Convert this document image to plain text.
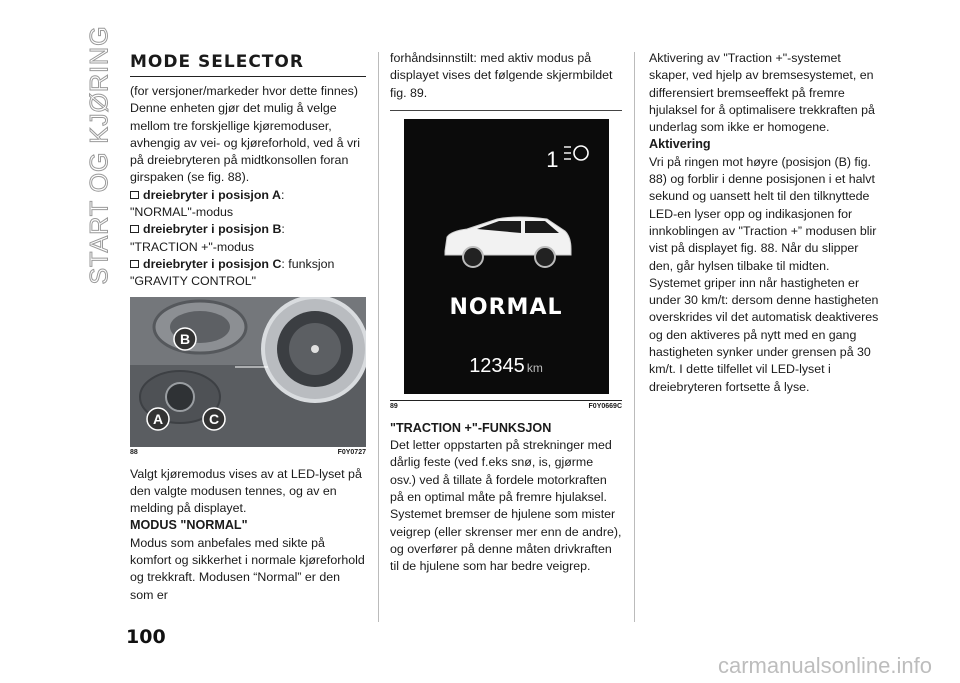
START OG KJØRING MODE SELECTOR

(for versjoner/markeder hvor dette finnes)

Denne enheten gjør det mulig å velge mellom tre forskjellige kjøremoduser, avhengig av vei- og kjøreforhold, ved å vri på dreiebryteren på midtkonsollen foran girspaken (se fig. 88).

dreiebryter i posisjon A:
"NORMAL"-modus
dreiebryter i posisjon B:
"TRACTION +"-modus
dreiebryter i posisjon C: funksjon
"GRAVITY CONTROL"
B
A	C
88	F0Y0727

Valgt kjøremodus vises av at LED-lyset på den valgte modusen tennes, og av en melding på displayet.

MODUS "NORMAL"

Modus som anbefales med sikte på komfort og sikkerhet i normale kjøreforhold og trekkraft. Modusen “Normal” er den som er

forhåndsinnstilt: med aktiv modus på displayet vises det følgende skjermbildet fig. 89.

1
NORMAL
12345 km
89	F0Y0669C
"TRACTION +"-FUNKSJON

Det letter oppstarten på strekninger med dårlig feste (ved f.eks snø, is, gjørme osv.) ved å tillate å fordele motorkraften på en optimal måte på fremre hjulaksel.

Systemet bremser de hjulene som mister veigrep (eller skrenser mer enn de andre), og overfører på denne måten drivkraften til de hjulene som har bedre veigrep.

Aktivering av "Traction +"-systemet skaper, ved hjelp av bremsesystemet, en differensiert bremseeffekt på fremre hjulaksel for å optimalisere trekkraften på underlag som ikke er homogene.

Aktivering

Vri på ringen mot høyre (posisjon (B) fig. 88) og forblir i denne posisjonen i et halvt sekund og uansett helt til den tilknyttede LED-en lyser opp og indikasjonen for innkoblingen av "Traction +” modusen blir vist på displayet fig. 88. Når du slipper den, går hylsen tilbake til midten.

Systemet griper inn når hastigheten er under 30 km/t: dersom denne hastigheten overskrides vil det automatisk deaktiveres og den aktiveres på nytt med en gang hastigheten synker under grensen på 30 km/t. I dette tilfellet vil LED-lyset i dreiebryteren fortsette å lyse.

100
carmanualsonline.info
